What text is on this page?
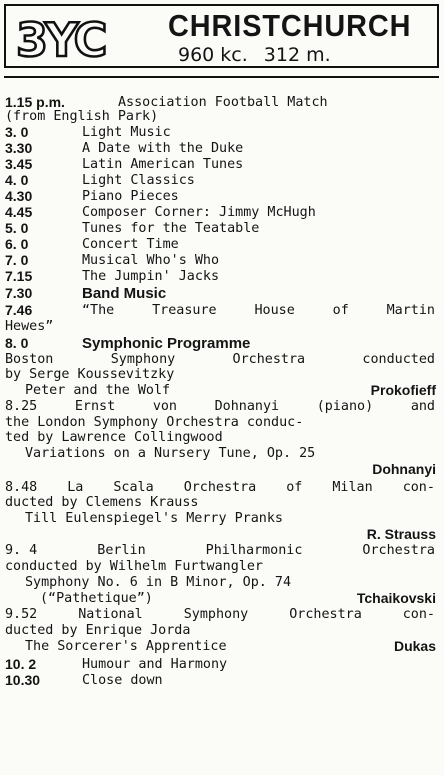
3YC CHRISTCHURCH
960 kc. 312 m.
1.15 p.m.	Association Football Match
(from English Park)
3. 0	Light Music
3.30	A Date with the Duke
3.45	Latin American Tunes
4. 0	Light Classics
4.30	Piano Pieces
4.45	Composer Corner: Jimmy McHugh
5. 0	Tunes for the Teatable
6. 0	Concert Time
7. 0	Musical Who's Who
7.15	The Jumpin' Jacks
7.30	Band Music
7.46	“The	Treasure	House	of	Martin
Hewes”
8. 0	Symphonic Programme
Boston	Symphony	Orchestra	conducted
by Serge Koussevitzky
Peter and the Wolf	Prokofieff
8.25	Ernst	von	Dohnanyi	(piano)	and
the London Symphony Orchestra conduc-
ted by Lawrence Collingwood
Variations on a Nursery Tune, Op. 25
Dohnanyi
8.48 La Scala Orchestra of Milan con-
ducted by Clemens Krauss
Till Eulenspiegel's Merry Pranks
R. Strauss
9. 4	Berlin	Philharmonic	Orchestra
conducted by Wilhelm Furtwangler
Symphony No. 6 in B Minor, Op. 74
(“Pathetique”)	Tchaikovski
9.52	National	Symphony	Orchestra	con-
ducted by Enrique Jorda
The Sorcerer's Apprentice	Dukas
10. 2	Humour and Harmony
10.30	Close down
